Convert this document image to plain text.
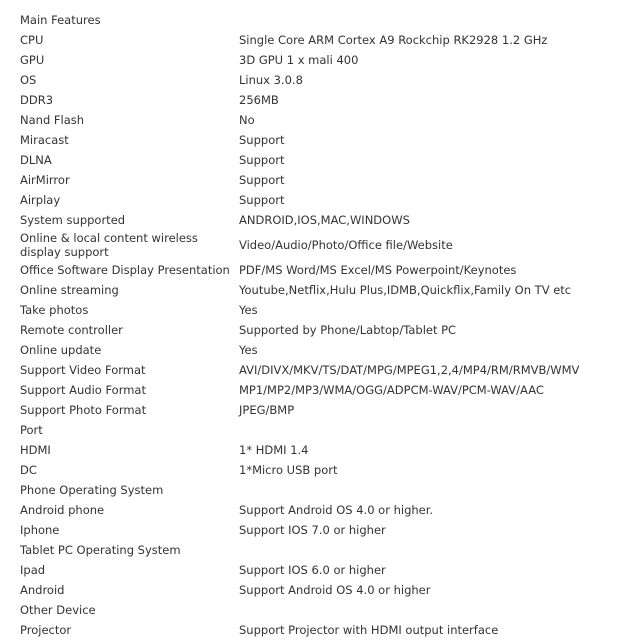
Main Features	
CPU	Single Core ARM Cortex A9 Rockchip RK2928 1.2 GHz
GPU	3D GPU 1 x mali 400
OS	Linux 3.0.8
DDR3	256MB
Nand Flash	No
Miracast	Support
DLNA	Support
AirMirror	Support
Airplay	Support
System supported	ANDROID,IOS,MAC,WINDOWS
Online & local content wireless display support	Video/Audio/Photo/Office file/Website
Office Software Display Presentation	PDF/MS Word/MS Excel/MS Powerpoint/Keynotes
Online streaming	Youtube,Netflix,Hulu Plus,IDMB,Quickflix,Family On TV etc
Take photos	Yes
Remote controller	Supported by Phone/Labtop/Tablet PC
Online update	Yes
Support Video Format	AVI/DIVX/MKV/TS/DAT/MPG/MPEG1,2,4/MP4/RM/RMVB/WMV
Support Audio Format	MP1/MP2/MP3/WMA/OGG/ADPCM-WAV/PCM-WAV/AAC
Support Photo Format	JPEG/BMP
Port	
HDMI	1* HDMI 1.4
DC	1*Micro USB port
Phone Operating System	
Android phone	Support Android OS 4.0 or higher.
Iphone	Support IOS 7.0 or higher
Tablet PC Operating System	
Ipad	Support IOS 6.0 or higher
Android	Support Android OS 4.0 or higher
Other Device	
Projector	Support Projector with HDMI output interface
